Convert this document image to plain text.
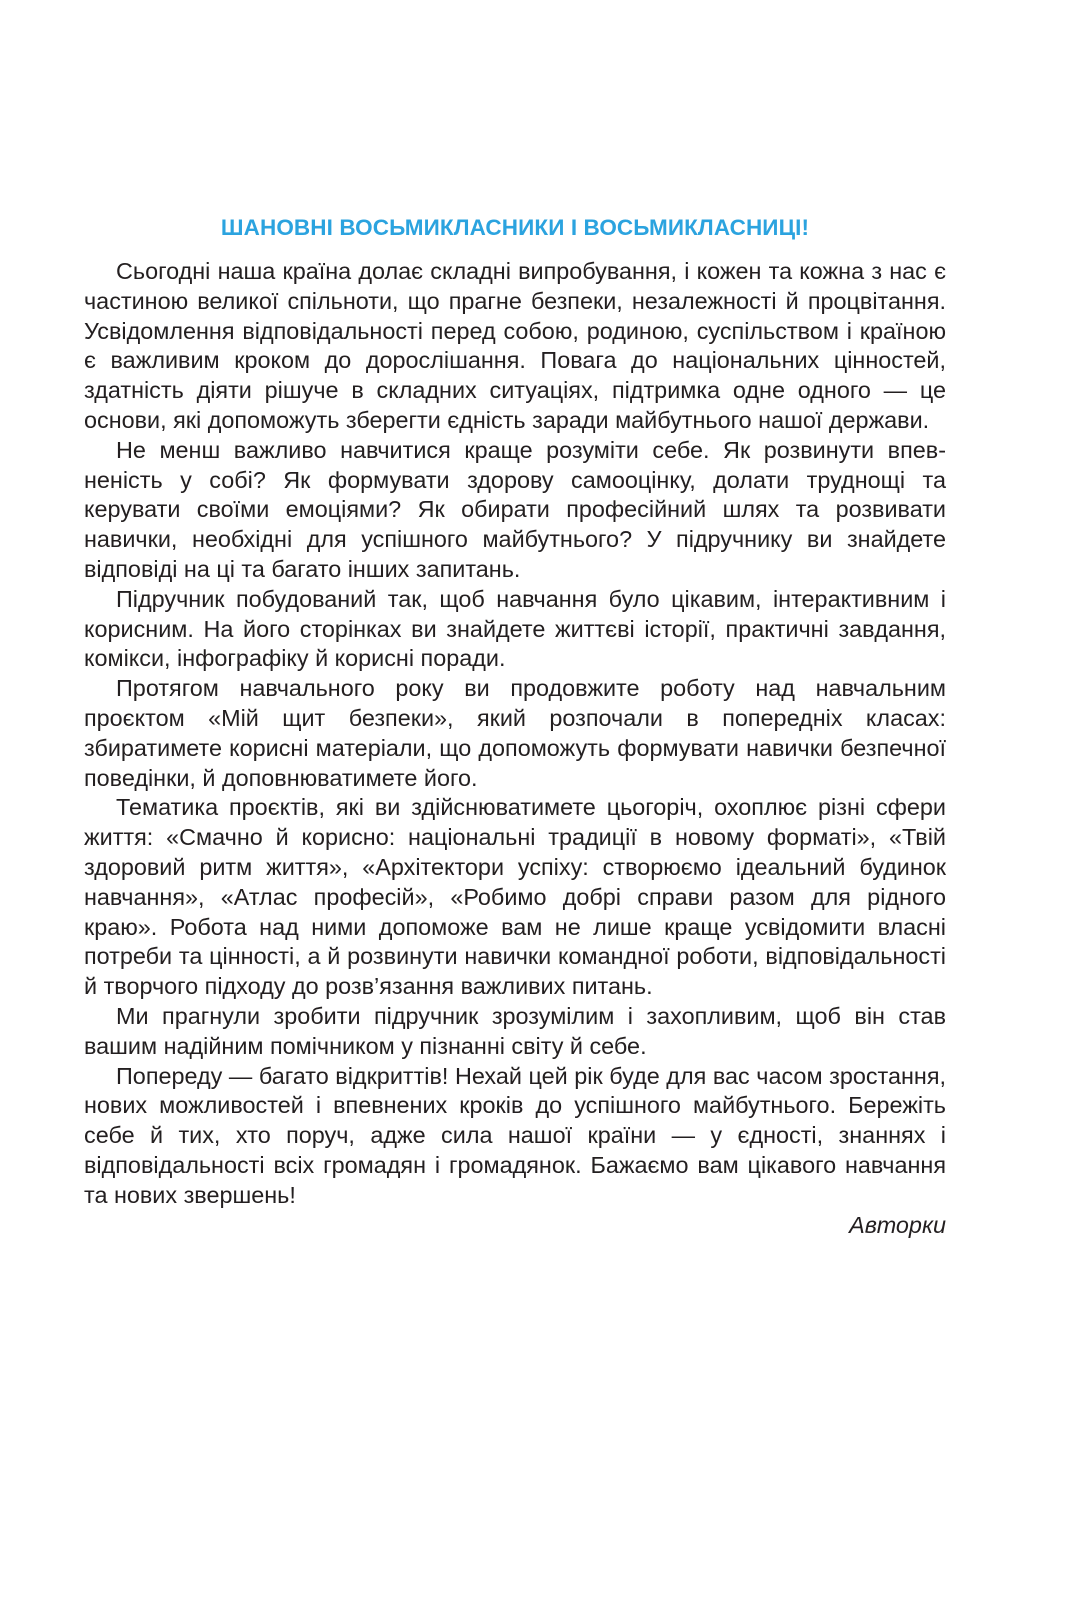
ШАНОВНІ ВОСЬМИКЛАСНИКИ І ВОСЬМИКЛАСНИЦІ!

Сьогодні наша країна долає складні випробування, і кожен та кожна з нас є частиною великої спільноти, що прагне безпеки, незалежності й процвітання. Усвідомлення відповідальності перед собою, родиною, суспільством і країною є важливим кроком до дорослішання. Повага до національних цінностей, здатність діяти рішуче в складних ситуаціях, підтримка одне одного — це основи, які допоможуть зберегти єдність заради майбутнього нашої держави.

Не менш важливо навчитися краще розуміти себе. Як розвинути впевненість у собі? Як формувати здорову самооцінку, долати труднощі та керувати своїми емоціями? Як обирати професійний шлях та розвивати навички, необхідні для успішного майбутнього? У підручнику ви знайдете відповіді на ці та багато інших запитань.

Підручник побудований так, щоб навчання було цікавим, інтерактивним і корисним. На його сторінках ви знайдете життєві історії, практичні завдання, комікси, інфографіку й корисні поради.

Протягом навчального року ви продовжите роботу над навчальним проєктом «Мій щит безпеки», який розпочали в попередніх класах: збиратимете корисні матеріали, що допоможуть формувати навички безпечної поведінки, й доповнюватимете його.

Тематика проєктів, які ви здійснюватимете цьогоріч, охоплює різні сфери життя: «Смачно й корисно: національні традиції в новому форматі», «Твій здоровий ритм життя», «Архітектори успіху: створюємо ідеальний будинок навчання», «Атлас професій», «Робимо добрі справи разом для рідного краю». Робота над ними допоможе вам не лише краще усвідомити власні потреби та цінності, а й розвинути навички командної роботи, відповідальності й творчого підходу до розв’язання важливих питань.

Ми прагнули зробити підручник зрозумілим і захопливим, щоб він став вашим надійним помічником у пізнанні світу й себе.

Попереду — багато відкриттів! Нехай цей рік буде для вас часом зростання, нових можливостей і впевнених кроків до успішного майбутнього. Бережіть себе й тих, хто поруч, адже сила нашої країни — у єдності, знаннях і відповідальності всіх громадян і громадянок. Бажаємо вам цікавого навчання та нових звершень!

Авторки
